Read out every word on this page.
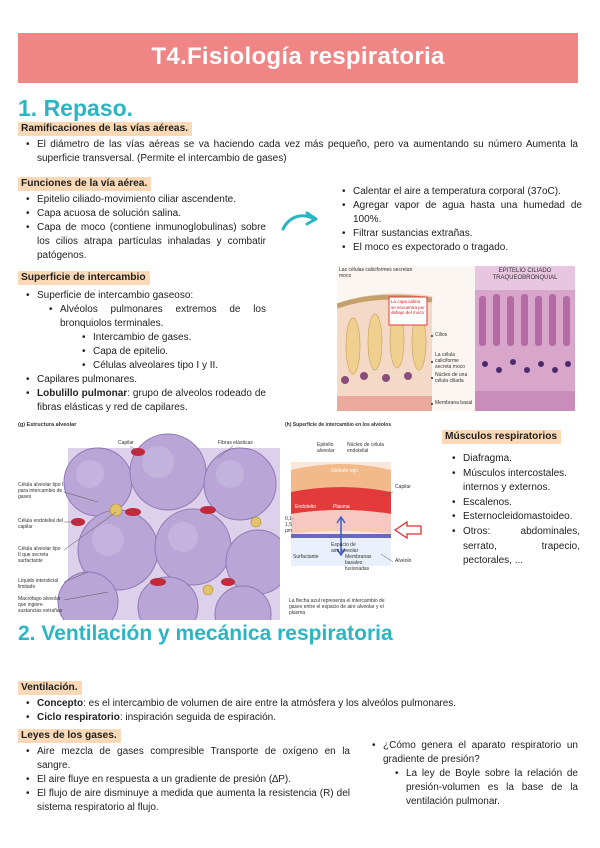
T4.Fisiología respiratoria
1. Repaso.
Ramificaciones de las vías aéreas.
• El diámetro de las vías aéreas se va haciendo cada vez más pequeño, pero va aumentando su número Aumenta la superficie transversal. (Permite el intercambio de gases)
Funciones de la vía aérea.
• Epitelio ciliado-movimiento ciliar ascendente.
• Capa acuosa de solución salina.
• Capa de moco (contiene inmunoglobulinas) sobre los cilios atrapa partículas inhaladas y combatir patógenos.
• Calentar el aire a temperatura corporal (37oC).
• Agregar vapor de agua hasta una humedad de 100%.
• Filtrar sustancias extrañas.
• El moco es expectorado o tragado.
Superficie de intercambio
• Superficie de intercambio gaseoso:
• Alvéolos pulmonares extremos de los bronquiolos terminales.
• Intercambio de gases.
• Capa de epitelio.
• Células alveolares tipo I y II.
• Capilares pulmonares.
• Lobulillo pulmonar: grupo de alveolos rodeado de fibras elásticas y red de capilares.
Las células caliciformes secretan moco
EPITELIO CILIADO
TRAQUEOBRONQUIAL
La capa salina se encuentra por debajo del moco
Cilios
La célula caliciforme secreta moco
Núcleo de una célula ciliada
Membrana basal
(g) Estructura alveolar
Célula alveolar tipo I para intercambio de gases
Célula endotelial del capilar
Célula alveolar tipo II que secreta surfactante
Líquido intersticial limitado
Macrófago alveolar que ingiere sustancias extrañas
Capilar	Fibras elásticas
(h) Superficie de intercambio en los alvéolos
Epitelio alveolar
Núcleo de célula endotelial
Glóbulo rojo
Endotelio	Plasma
Capilar
Espacio de aire alveolar
Surfactante	Membranas basales fusionadas
Alvéolo
0,1-1,5 µm
La flecha azul representa el intercambio de gases entre el espacio de aire alveolar y el plasma
Músculos respiratorios
• Diafragma.
• Músculos intercostales. internos y externos.
• Escalenos.
• Esternocleidomastoideo.
• Otros: abdominales, serrato, trapecio, pectorales, ...
2. Ventilación y mecánica respiratoria
Ventilación.
• Concepto: es el intercambio de volumen de aire entre la atmósfera y los alveólos pulmonares.
• Ciclo respiratorio: inspiración seguida de espiración.
Leyes de los gases.
• Aire mezcla de gases compresible Transporte de oxígeno en la sangre.
• El aire fluye en respuesta a un gradiente de presión (∆P).
• El flujo de aire disminuye a medida que aumenta la resistencia (R) del sistema respiratorio al flujo.
• ¿Cómo genera el aparato respiratorio un gradiente de presión?
• La ley de Boyle sobre la relación de presión-volumen es la base de la ventilación pulmonar.
